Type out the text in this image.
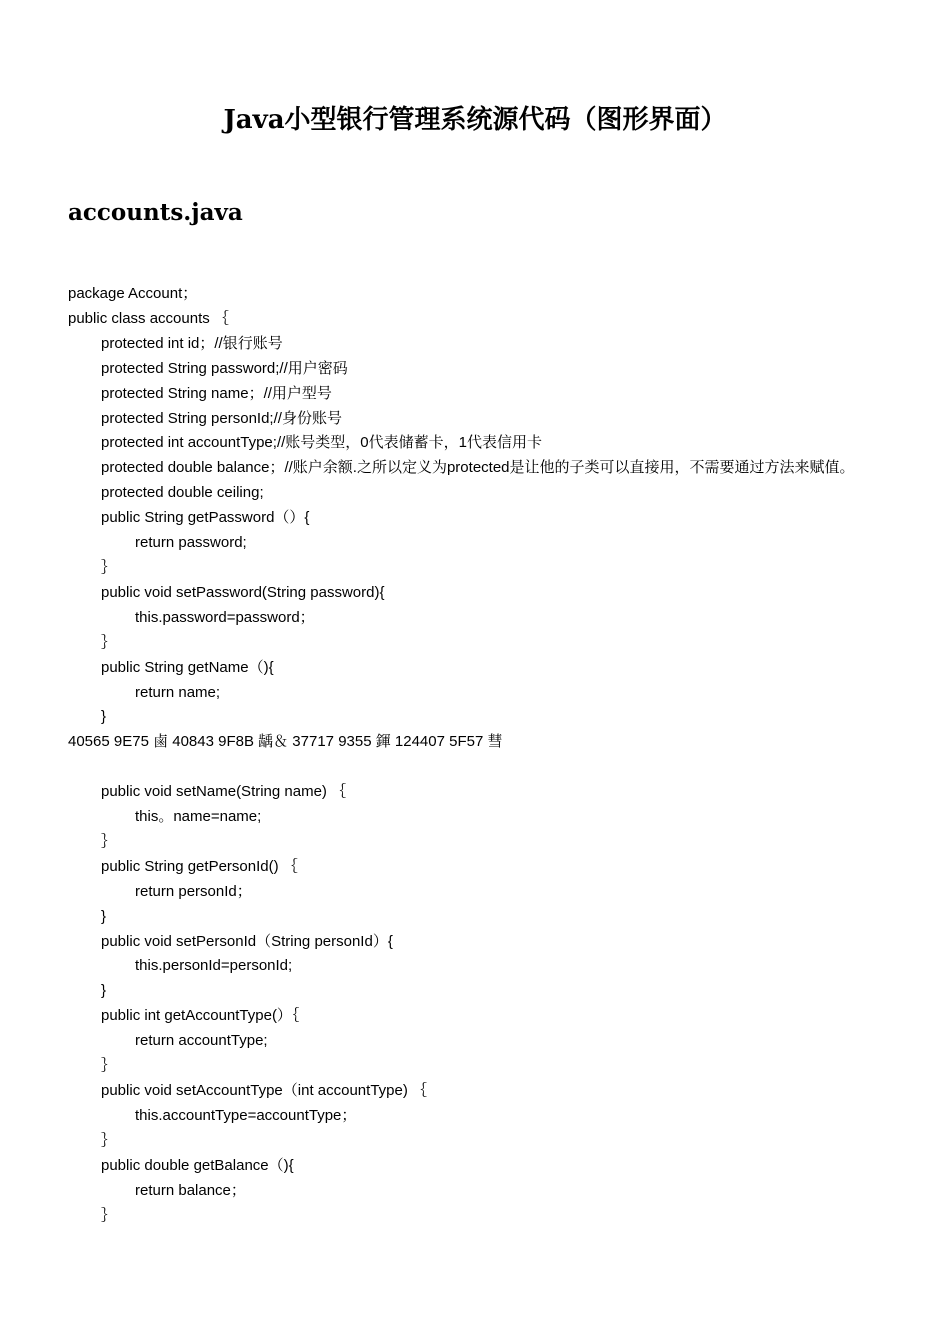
Java小型银行管理系统源代码（图形界面）
accounts.java
package Account；
public class accounts ｛
protected int id；//银行账号
protected String password;//用户密码
protected String name；//用户型号
protected String personId;//身份账号
protected int accountType;//账号类型，0代表储蓄卡，1代表信用卡
protected double balance；//账户余额.之所以定义为protected是让他的子类可以直接用，不需要通过方法来赋值。
protected double ceiling;
public String getPassword（）{
return password;
｝
public void setPassword(String password){
this.password=password；
｝
public String getName（){
return name;
}
40565 9E75 鹵 40843 9F8B 龋＆ 37717 9355 鍕 124407 5F57 彗
public void setName(String name) ｛
this。name=name;
｝
public String getPersonId() ｛
return personId；
}
public void setPersonId（String personId）{
this.personId=personId;
}
public int getAccountType(）｛
return accountType;
｝
public void setAccountType（int accountType) ｛
this.accountType=accountType；
｝
public double getBalance（){
return balance；
｝
